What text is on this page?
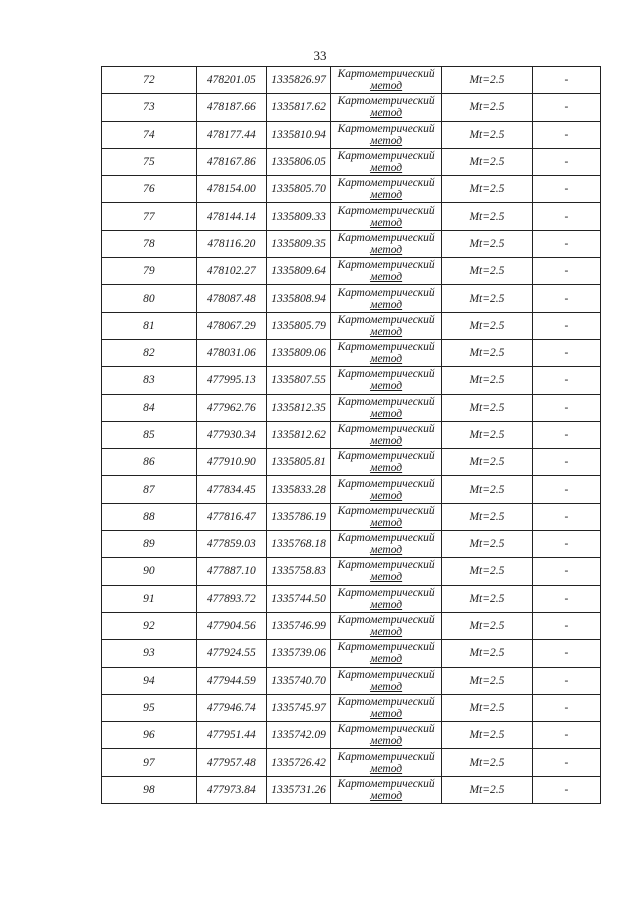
33
72	478201.05	1335826.97	Картометрический
метод	Mt=2.5	-
73	478187.66	1335817.62	Картометрический
метод	Mt=2.5	-
74	478177.44	1335810.94	Картометрический
метод	Mt=2.5	-
75	478167.86	1335806.05	Картометрический
метод	Mt=2.5	-
76	478154.00	1335805.70	Картометрический
метод	Mt=2.5	-
77	478144.14	1335809.33	Картометрический
метод	Mt=2.5	-
78	478116.20	1335809.35	Картометрический
метод	Mt=2.5	-
79	478102.27	1335809.64	Картометрический
метод	Mt=2.5	-
80	478087.48	1335808.94	Картометрический
метод	Mt=2.5	-
81	478067.29	1335805.79	Картометрический
метод	Mt=2.5	-
82	478031.06	1335809.06	Картометрический
метод	Mt=2.5	-
83	477995.13	1335807.55	Картометрический
метод	Mt=2.5	-
84	477962.76	1335812.35	Картометрический
метод	Mt=2.5	-
85	477930.34	1335812.62	Картометрический
метод	Mt=2.5	-
86	477910.90	1335805.81	Картометрический
метод	Mt=2.5	-
87	477834.45	1335833.28	Картометрический
метод	Mt=2.5	-
88	477816.47	1335786.19	Картометрический
метод	Mt=2.5	-
89	477859.03	1335768.18	Картометрический
метод	Mt=2.5	-
90	477887.10	1335758.83	Картометрический
метод	Mt=2.5	-
91	477893.72	1335744.50	Картометрический
метод	Mt=2.5	-
92	477904.56	1335746.99	Картометрический
метод	Mt=2.5	-
93	477924.55	1335739.06	Картометрический
метод	Mt=2.5	-
94	477944.59	1335740.70	Картометрический
метод	Mt=2.5	-
95	477946.74	1335745.97	Картометрический
метод	Mt=2.5	-
96	477951.44	1335742.09	Картометрический
метод	Mt=2.5	-
97	477957.48	1335726.42	Картометрический
метод	Mt=2.5	-
98	477973.84	1335731.26	Картометрический
метод	Mt=2.5	-
